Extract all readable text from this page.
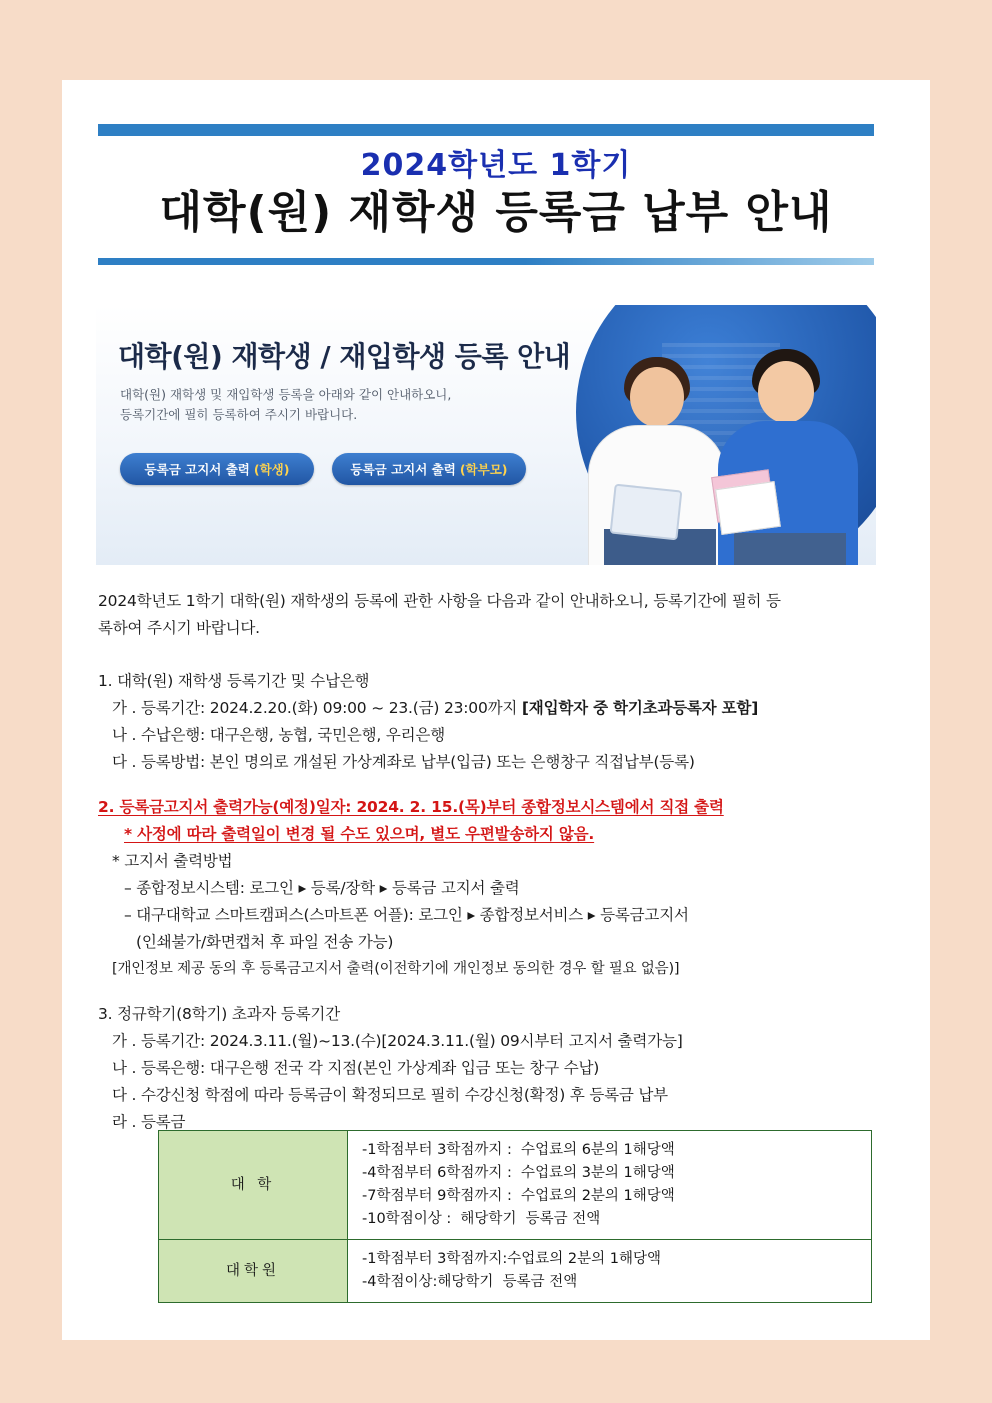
2024학년도 1학기
대학(원) 재학생 등록금 납부 안내
대학(원) 재학생 / 재입학생 등록 안내
대학(원) 재학생 및 재입학생 등록을 아래와 같이 안내하오니,
등록기간에 필히 등록하여 주시기 바랍니다.
등록금 고지서 출력 (학생)	등록금 고지서 출력 (학부모)
2024학년도 1학기 대학(원) 재학생의 등록에 관한 사항을 다음과 같이 안내하오니, 등록기간에 필히 등
록하여 주시기 바랍니다.
1. 대학(원) 재학생 등록기간 및 수납은행
가 . 등록기간: 2024.2.20.(화) 09:00 ~ 23.(금) 23:00까지 [재입학자 중 학기초과등록자 포함]
나 . 수납은행: 대구은행, 농협, 국민은행, 우리은행
다 . 등록방법: 본인 명의로 개설된 가상계좌로 납부(입금) 또는 은행창구 직접납부(등록)
2. 등록금고지서 출력가능(예정)일자: 2024. 2. 15.(목)부터 종합정보시스템에서 직접 출력
* 사정에 따라 출력일이 변경 될 수도 있으며, 별도 우편발송하지 않음.
* 고지서 출력방법
– 종합정보시스템: 로그인 ▸ 등록/장학 ▸ 등록금 고지서 출력
– 대구대학교 스마트캠퍼스(스마트폰 어플): 로그인 ▸ 종합정보서비스 ▸ 등록금고지서
(인쇄불가/화면캡처 후 파일 전송 가능)
[개인정보 제공 동의 후 등록금고지서 출력(이전학기에 개인정보 동의한 경우 할 필요 없음)]
3. 정규학기(8학기) 초과자 등록기간
가 . 등록기간: 2024.3.11.(월)~13.(수)[2024.3.11.(월) 09시부터 고지서 출력가능]
나 . 등록은행: 대구은행 전국 각 지점(본인 가상계좌 입금 또는 창구 수납)
다 . 수강신청 학점에 따라 등록금이 확정되므로 필히 수강신청(확정) 후 등록금 납부
라 . 등록금
대 학	-1학점부터 3학점까지 :  수업료의 6분의 1해당액
-4학점부터 6학점까지 :  수업료의 3분의 1해당액
-7학점부터 9학점까지 :  수업료의 2분의 1해당액
-10학점이상 :  해당학기  등록금 전액

대학원	-1학점부터 3학점까지:수업료의 2분의 1해당액
-4학점이상:해당학기  등록금 전액
